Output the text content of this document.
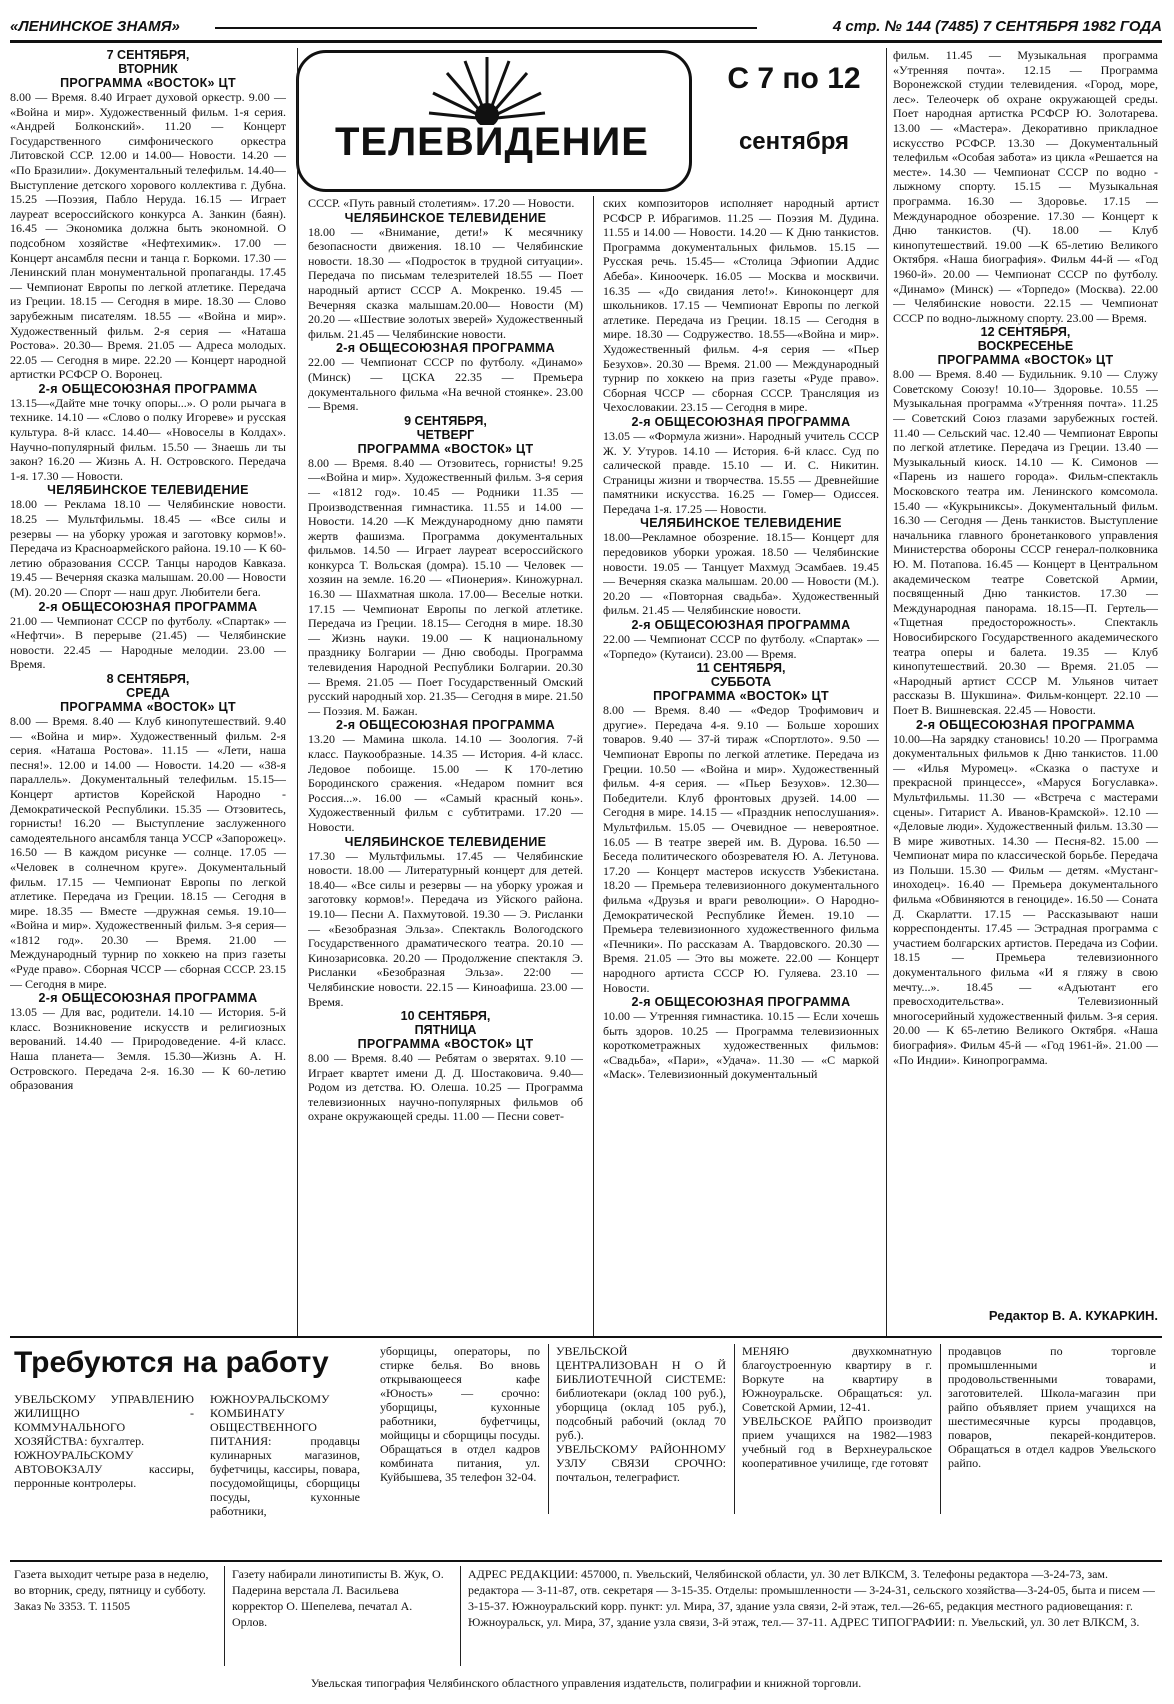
«ЛЕНИНСКОЕ ЗНАМЯ»	4 стр. № 144 (7485) 7 СЕНТЯБРЯ 1982 ГОДА
ТЕЛЕВИДЕНИЕ
С 7 по 12
сентября
7 СЕНТЯБРЯ,
ВТОРНИК
ПРОГРАММА «ВОСТОК» ЦТ
8.00 — Время. 8.40 Играет духовой оркестр. 9.00 — «Война и мир». Художественный фильм. 1-я серия. «Андрей Болконский». 11.20 — Концерт Государственного симфонического оркестра Литовской ССР. 12.00 и 14.00— Новости. 14.20 — «По Бразилии». Документальный телефильм. 14.40— Выступление детского хорового коллектива г. Дубна. 15.25 —Поэзия, Пабло Неруда. 16.15 — Играет лауреат всероссийского конкурса А. Занкин (баян). 16.45 — Экономика должна быть экономной. О подсобном хозяйстве «Нефтехимик». 17.00 — Концерт ансамбля песни и танца г. Боркоми. 17.30 — Ленинский план монументальной пропаганды. 17.45— Чемпионат Европы по легкой атлетике. Передача из Греции. 18.15 — Сегодня в мире. 18.30 — Слово зарубежным писателям. 18.55 — «Война и мир». Художественный фильм. 2-я серия — «Наташа Ростова». 20.30— Время. 21.05 — Адреса молодых. 22.05 — Сегодня в мире. 22.20 — Концерт народной артистки РСФСР О. Воронец.
2-я ОБЩЕСОЮЗНАЯ ПРОГРАММА
13.15—«Дайте мне точку опоры...». О роли рычага в технике. 14.10 — «Слово о полку Игореве» и русская культура. 8-й класс. 14.40— «Новоселы в Колдах». Научно-популярный фильм. 15.50 — Знаешь ли ты закон? 16.20 — Жизнь А. Н. Островского. Передача 1-я. 17.30 — Новости.
ЧЕЛЯБИНСКОЕ ТЕЛЕВИДЕНИЕ
18.00 — Реклама 18.10 — Челябинские новости. 18.25 — Мультфильмы. 18.45 — «Все силы и резервы — на уборку урожая и заготовку кормов!». Передача из Красноармейского района. 19.10 — К 60-летию образования СССР. Танцы народов Кавказа. 19.45 — Вечерняя сказка малышам. 20.00 — Новости (М). 20.20 — Спорт — наш друг. Любители бега.
2-я ОБЩЕСОЮЗНАЯ ПРОГРАММА
21.00 — Чемпионат СССР по футболу. «Спартак» — «Нефтчи». В перерыве (21.45) — Челябинские новости. 22.45 — Народные мелодии. 23.00 — Время.
8 СЕНТЯБРЯ,
СРЕДА
ПРОГРАММА «ВОСТОК» ЦТ
8.00 — Время. 8.40 — Клуб кинопутешествий. 9.40 — «Война и мир». Художественный фильм. 2-я серия. «Наташа Ростова». 11.15 — «Лети, наша песня!». 12.00 и 14.00 — Новости. 14.20 — «38-я параллель». Документальный телефильм. 15.15— Концерт артистов Корейской Народно - Демократической Республики. 15.35 — Отзовитесь, горнисты! 16.20 — Выступление заслуженного самодеятельного ансамбля танца УССР «Запорожец». 16.50 — В каждом рисунке — солнце. 17.05 — «Человек в солнечном круге». Документальный фильм. 17.15 — Чемпионат Европы по легкой атлетике. Передача из Греции. 18.15 — Сегодня в мире. 18.35 — Вместе —дружная семья. 19.10— «Война и мир». Художественный фильм. 3-я серия— «1812 год». 20.30 — Время. 21.00 — Международный турнир по хоккею на приз газеты «Руде право». Сборная ЧССР — сборная СССР. 23.15 — Сегодня в мире.
2-я ОБЩЕСОЮЗНАЯ ПРОГРАММА
13.05 — Для вас, родители. 14.10 — История. 5-й класс. Возникновение искусств и религиозных верований. 14.40 — Природоведение. 4-й класс. Наша планета— Земля. 15.30—Жизнь А. Н. Островского. Передача 2-я. 16.30 — К 60-летию образования
СССР. «Путь равный столетиям». 17.20 — Новости.
ЧЕЛЯБИНСКОЕ ТЕЛЕВИДЕНИЕ
18.00 — «Внимание, дети!» К месячнику безопасности движения. 18.10 — Челябинские новости. 18.30 — «Подросток в трудной ситуации». Передача по письмам телезрителей 18.55 — Поет народный артист СССР А. Мокренко. 19.45 — Вечерняя сказка малышам.20.00— Новости (М) 20.20 — «Шествие золотых зверей» Художественный фильм. 21.45 — Челябинские новости.
2-я ОБЩЕСОЮЗНАЯ ПРОГРАММА
22.00 — Чемпионат СССР по футболу. «Динамо» (Минск) — ЦСКА 22.35 — Премьера документального фильма «На вечной стоянке». 23.00 — Время.
9 СЕНТЯБРЯ,
ЧЕТВЕРГ
ПРОГРАММА «ВОСТОК» ЦТ
8.00 — Время. 8.40 — Отзовитесь, горнисты! 9.25—«Война и мир». Художественный фильм. 3-я серия — «1812 год». 10.45 — Родники 11.35 — Производственная гимнастика. 11.55 и 14.00 — Новости. 14.20 —К Международному дню памяти жертв фашизма. Программа документальных фильмов. 14.50 — Играет лауреат всероссийского конкурса Т. Вольская (домра). 15.10 — Человек — хозяин на земле. 16.20 — «Пионерия». Киножурнал. 16.30 — Шахматная школа. 17.00— Веселые нотки. 17.15 — Чемпионат Европы по легкой атлетике. Передача из Греции. 18.15— Сегодня в мире. 18.30 — Жизнь науки. 19.00 — К национальному празднику Болгарии — Дню свободы. Программа телевидения Народной Республики Болгарии. 20.30 — Время. 21.05 — Поет Государственный Омский русский народный хор. 21.35— Сегодня в мире. 21.50 — Поэзия. М. Бажан.
2-я ОБЩЕСОЮЗНАЯ ПРОГРАММА
13.20 — Мамина школа. 14.10 — Зоология. 7-й класс. Паукообразные. 14.35 — История. 4-й класс. Ледовое побоище. 15.00 — К 170-летию Бородинского сражения. «Недаром помнит вся Россия...». 16.00 — «Самый красный конь». Художественный фильм с субтитрами. 17.20 — Новости.
ЧЕЛЯБИНСКОЕ ТЕЛЕВИДЕНИЕ
17.30 — Мультфильмы. 17.45 — Челябинские новости. 18.00 — Литературный концерт для детей. 18.40— «Все силы и резервы — на уборку урожая и заготовку кормов!». Передача из Уйского района. 19.10— Песни А. Пахмутовой. 19.30 — Э. Рисланки — «Безобразная Эльза». Спектакль Вологодского Государственного драматического театра. 20.10 — Кинозарисовка. 20.20 — Продолжение спектакля Э. Рисланки «Безобразная Эльза». 22:00 — Челябинские новости. 22.15 — Киноафиша. 23.00 — Время.
10 СЕНТЯБРЯ,
ПЯТНИЦА
ПРОГРАММА «ВОСТОК» ЦТ
8.00 — Время. 8.40 — Ребятам о зверятах. 9.10 — Играет квартет имени Д. Д. Шостаковича. 9.40— Родом из детства. Ю. Олеша. 10.25 — Программа телевизионных научно-популярных фильмов об охране окружающей среды. 11.00 — Песни совет-
ских композиторов исполняет народный артист РСФСР Р. Ибрагимов. 11.25 — Поэзия М. Дудина. 11.55 и 14.00 — Новости. 14.20 — К Дню танкистов. Программа документальных фильмов. 15.15 — Русская речь. 15.45— «Столица Эфиопии Аддис Абеба». Киноочерк. 16.05 — Москва и москвичи. 16.35 — «До свидания лето!». Киноконцерт для школьников. 17.15 — Чемпионат Европы по легкой атлетике. Передача из Греции. 18.15 — Сегодня в мире. 18.30 — Содружество. 18.55—«Война и мир». Художественный фильм. 4-я серия — «Пьер Безухов». 20.30 — Время. 21.00 — Международный турнир по хоккею на приз газеты «Руде право». Сборная ЧССР — сборная СССР. Трансляция из Чехословакии. 23.15 — Сегодня в мире.
2-я ОБЩЕСОЮЗНАЯ ПРОГРАММА
13.05 — «Формула жизни». Народный учитель СССР Ж. У. Утуров. 14.10 — История. 6-й класс. Суд по салической правде. 15.10 — И. С. Никитин. Страницы жизни и творчества. 15.55 — Древнейшие памятники искусства. 16.25 — Гомер— Одиссея. Передача 1-я. 17.25 — Новости.
ЧЕЛЯБИНСКОЕ ТЕЛЕВИДЕНИЕ
18.00—Рекламное обозрение. 18.15— Концерт для передовиков уборки урожая. 18.50 — Челябинские новости. 19.05 — Танцует Махмуд Эсамбаев. 19.45 — Вечерняя сказка малышам. 20.00 — Новости (М.). 20.20 — «Повторная свадьба». Художественный фильм. 21.45 — Челябинские новости.
2-я ОБЩЕСОЮЗНАЯ ПРОГРАММА
22.00 — Чемпионат СССР по футболу. «Спартак» — «Торпедо» (Кутаиси). 23.00 — Время.
11 СЕНТЯБРЯ,
СУББОТА
ПРОГРАММА «ВОСТОК» ЦТ
8.00 — Время. 8.40 — «Федор Трофимович и другие». Передача 4-я. 9.10 — Больше хороших товаров. 9.40 — 37-й тираж «Спортлото». 9.50 — Чемпионат Европы по легкой атлетике. Передача из Греции. 10.50 — «Война и мир». Художественный фильм. 4-я серия. — «Пьер Безухов». 12.30—Победители. Клуб фронтовых друзей. 14.00 — Сегодня в мире. 14.15 — «Праздник непослушания». Мультфильм. 15.05 — Очевидное — невероятное. 16.05 — В театре зверей им. В. Дурова. 16.50 — Беседа политического обозревателя Ю. А. Летунова. 17.20 — Концерт мастеров искусств Узбекистана. 18.20 — Премьера телевизионного документального фильма «Друзья и враги революции». О Народно-Демократической Республике Йемен. 19.10 — Премьера телевизионного художественного фильма «Печники». По рассказам А. Твардовского. 20.30 — Время. 21.05 — Это вы можете. 22.00 — Концерт народного артиста СССР Ю. Гуляева. 23.10 — Новости.
2-я ОБЩЕСОЮЗНАЯ ПРОГРАММА
10.00 — Утренняя гимнастика. 10.15 — Если хочешь быть здоров. 10.25 — Программа телевизионных короткометражных художественных фильмов: «Свадьба», «Пари», «Удача». 11.30 — «С маркой «Маск». Телевизионный документальный
фильм. 11.45 — Музыкальная программа «Утренняя почта». 12.15 — Программа Воронежской студии телевидения. «Город, море, лес». Телеочерк об охране окружающей среды. Поет народная артистка РСФСР Ю. Золотарева. 13.00 — «Мастера». Декоративно прикладное искусство РСФСР. 13.30 — Документальный телефильм «Особая забота» из цикла «Решается на месте». 14.30 — Чемпионат СССР по водно - лыжному спорту. 15.15 — Музыкальная программа. 16.30 — Здоровье. 17.15 — Международное обозрение. 17.30 — Концерт к Дню танкистов. (Ч). 18.00 — Клуб кинопутешествий. 19.00 —К 65-летию Великого Октября. «Наша биография». Фильм 44-й — «Год 1960-й». 20.00 — Чемпионат СССР по футболу. «Динамо» (Минск) — «Торпедо» (Москва). 22.00 — Челябинские новости. 22.15 — Чемпионат СССР по водно-лыжному спорту. 23.00 — Время.
12 СЕНТЯБРЯ,
ВОСКРЕСЕНЬЕ
ПРОГРАММА «ВОСТОК» ЦТ
8.00 — Время. 8.40 — Будильник. 9.10 — Служу Советскому Союзу! 10.10— Здоровье. 10.55 — Музыкальная программа «Утренняя почта». 11.25 — Советский Союз глазами зарубежных гостей. 11.40 — Сельский час. 12.40 — Чемпионат Европы по легкой атлетике. Передача из Греции. 13.40 — Музыкальный киоск. 14.10 — К. Симонов — «Парень из нашего города». Фильм-спектакль Московского театра им. Ленинского комсомола. 15.40 — «Кукрыниксы». Документальный фильм. 16.30 — Сегодня — День танкистов. Выступление начальника главного бронетанкового управления Министерства обороны СССР генерал-полковника Ю. М. Потапова. 16.45 — Концерт в Центральном академическом театре Советской Армии, посвященный Дню танкистов. 17.30 — Международная панорама. 18.15—П. Гертель— «Тщетная предосторожность». Спектакль Новосибирского Государственного академического театра оперы и балета. 19.35 — Клуб кинопутешествий. 20.30 — Время. 21.05 — «Народный артист СССР М. Ульянов читает рассказы В. Шукшина». Фильм-концерт. 22.10 — Поет В. Вишневская. 22.45 — Новости.
2-я ОБЩЕСОЮЗНАЯ ПРОГРАММА
10.00—На зарядку становись! 10.20 — Программа документальных фильмов к Дню танкистов. 11.00 — «Илья Муромец». «Сказка о пастухе и прекрасной принцессе», «Маруся Богуславка». Мультфильмы. 11.30 — «Встреча с мастерами сцены». Гитарист А. Иванов-Крамской». 12.10 — «Деловые люди». Художественный фильм. 13.30 — В мире животных. 14.30 — Песня-82. 15.00 — Чемпионат мира по классической борьбе. Передача из Польши. 15.30 — Фильм — детям. «Мустанг-иноходец». 16.40 — Премьера документального фильма «Обвиняются в геноциде». 16.50 — Соната Д. Скарлатти. 17.15 — Рассказывают наши корреспонденты. 17.45 — Эстрадная программа с участием болгарских артистов. Передача из Софии. 18.15 — Премьера телевизионного документального фильма «И я гляжу в свою мечту...». 18.45 — «Адъютант его превосходительства». Телевизионный многосерийный художественный фильм. 3-я серия. 20.00 — К 65-летию Великого Октября. «Наша биография». Фильм 45-й — «Год 1961-й». 21.00 — «По Индии». Кинопрограмма.
Редактор В. А. КУКАРКИН.
Требуются на работу
УВЕЛЬСКОМУ УПРАВЛЕНИЮ ЖИЛИЩНО - КОММУНАЛЬНОГО ХОЗЯЙСТВА: бухгалтер.
ЮЖНОУРАЛЬСКОМУ АВТОВОКЗАЛУ кассиры, перронные контролеры.
ЮЖНОУРАЛЬСКОМУ КОМБИНАТУ ОБЩЕСТВЕННОГО ПИТАНИЯ: продавцы кулинарных магазинов, буфетчицы, кассиры, повара, посудомойщицы, сборщицы посуды, кухонные работники,
уборщицы, операторы, по стирке белья. Во вновь открывающееся кафе «Юность» — срочно: уборщицы, кухонные работники, буфетчицы, мойщицы и сборщицы посуды. Обращаться в отдел кадров комбината питания, ул. Куйбышева, 35 телефон 32-04.
УВЕЛЬСКОЙ ЦЕНТРАЛИЗОВАН Н О Й БИБЛИОТЕЧНОЙ СИСТЕМЕ: библиотекари (оклад 100 руб.), уборщица (оклад 105 руб.), подсобный рабочий (оклад 70 руб.).
УВЕЛЬСКОМУ РАЙОННОМУ УЗЛУ СВЯЗИ СРОЧНО: почтальон, телеграфист.
МЕНЯЮ двухкомнатную благоустроенную квартиру в г. Воркуте на квартиру в Южноуральске. Обращаться: ул. Советской Армии, 12-41.
УВЕЛЬСКОЕ РАЙПО производит прием учащихся на 1982—1983 учебный год в Верхнеуральское кооперативное училище, где готовят
продавцов по торговле промышленными и продовольственными товарами, заготовителей. Школа-магазин при райпо объявляет прием учащихся на шестимесячные курсы продавцов, поваров, пекарей-кондитеров. Обращаться в отдел кадров Увельского райпо.
Газета выходит четыре раза в неделю, во вторник, среду, пятницу и субботу. Заказ № 3353. Т. 11505
Газету набирали линотиписты В. Жук, О. Падерина верстала Л. Васильева корректор О. Шепелева, печатал А. Орлов.
АДРЕС РЕДАКЦИИ: 457000, п. Увельский, Челябинской области, ул. 30 лет ВЛКСМ, 3. Телефоны редактора —3-24-73, зам. редактора — 3-11-87, отв. секретаря — 3-15-35. Отделы: промышленности — 3-24-31, сельского хозяйства—3-24-05, быта и писем — 3-15-37. Южноуральский корр. пункт: ул. Мира, 37, здание узла связи, 2-й этаж, тел.—26-65, редакция местного радиовещания: г. Южноуральск, ул. Мира, 37, здание узла связи, 3-й этаж, тел.— 37-11. АДРЕС ТИПОГРАФИИ: п. Увельский, ул. 30 лет ВЛКСМ, 3.
Увельская типография Челябинского областного управления издательств, полиграфии и книжной торговли.
